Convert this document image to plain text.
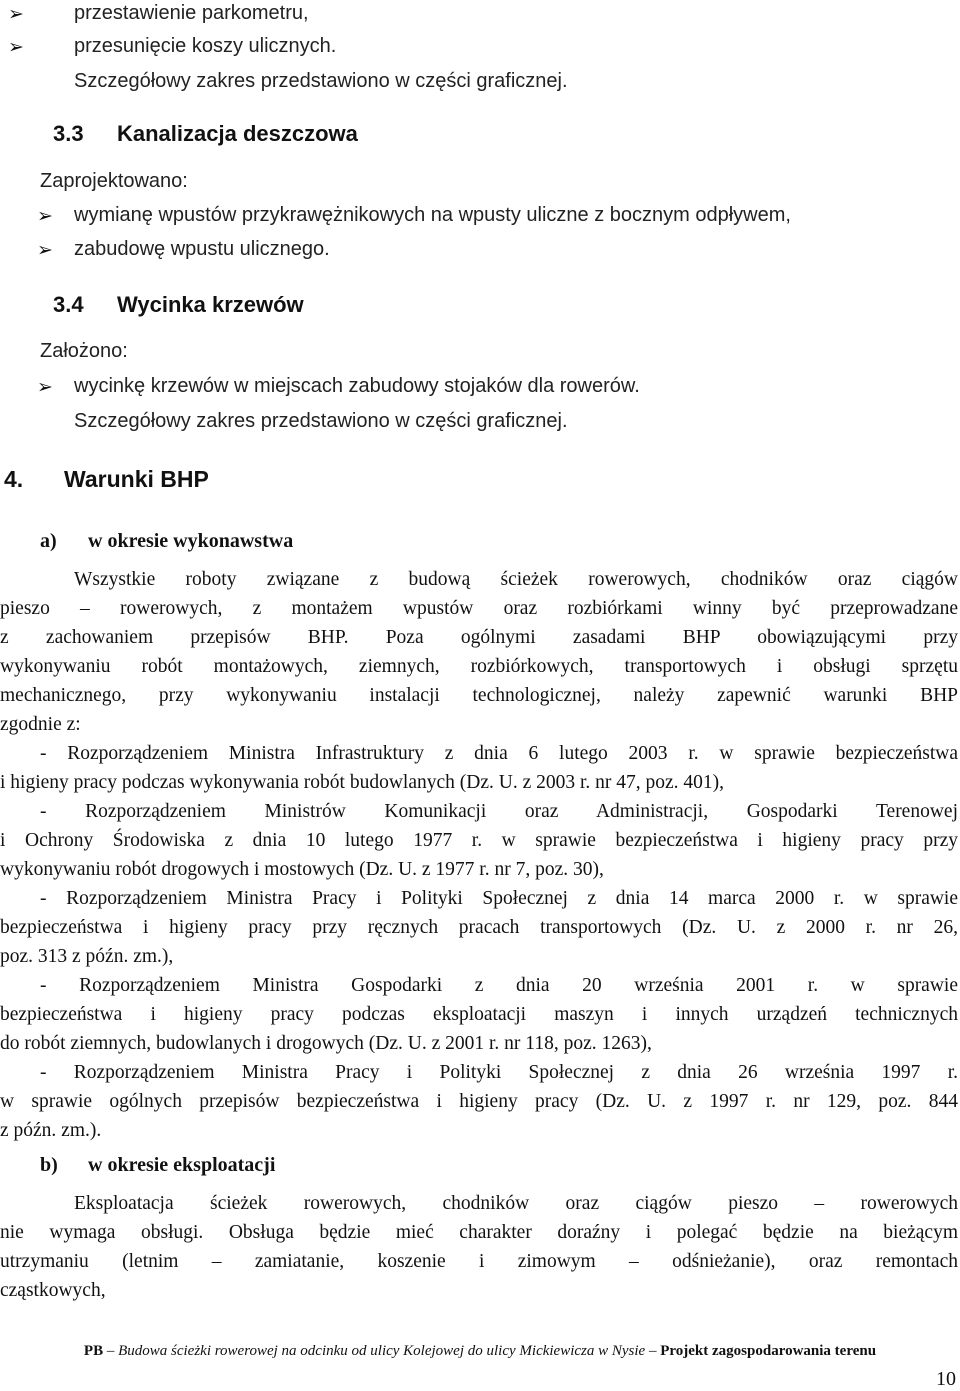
➢	przestawienie parkometru,
➢	przesunięcie koszy ulicznych.
Szczegółowy zakres przedstawiono w części graficznej.
3.3 Kanalizacja deszczowa
Zaprojektowano:
➢ wymianę wpustów przykrawężnikowych na wpusty uliczne z bocznym odpływem,
➢ zabudowę wpustu ulicznego.
3.4 Wycinka krzewów
Założono:
➢ wycinkę krzewów w miejscach zabudowy stojaków dla rowerów.
Szczegółowy zakres przedstawiono w części graficznej.
4. Warunki BHP
a) w okresie wykonawstwa
Wszystkie roboty związane z budową ścieżek rowerowych, chodników oraz ciągów
pieszo – rowerowych, z montażem wpustów oraz rozbiórkami winny być przeprowadzane
z zachowaniem przepisów BHP. Poza ogólnymi zasadami BHP obowiązującymi przy
wykonywaniu robót montażowych, ziemnych, rozbiórkowych, transportowych i obsługi sprzętu
mechanicznego, przy wykonywaniu instalacji technologicznej, należy zapewnić warunki BHP
zgodnie z:
- Rozporządzeniem Ministra Infrastruktury z dnia 6 lutego 2003 r. w sprawie bezpieczeństwa
i higieny pracy podczas wykonywania robót budowlanych (Dz. U. z 2003 r. nr 47, poz. 401),
- Rozporządzeniem Ministrów Komunikacji oraz Administracji, Gospodarki Terenowej
i Ochrony Środowiska z dnia 10 lutego 1977 r. w sprawie bezpieczeństwa i higieny pracy przy
wykonywaniu robót drogowych i mostowych (Dz. U. z 1977 r. nr 7, poz. 30),
- Rozporządzeniem Ministra Pracy i Polityki Społecznej z dnia 14 marca 2000 r. w sprawie
bezpieczeństwa i higieny pracy przy ręcznych pracach transportowych (Dz. U. z 2000 r. nr 26,
poz. 313 z późn. zm.),
- Rozporządzeniem Ministra Gospodarki z dnia 20 września 2001 r. w sprawie
bezpieczeństwa i higieny pracy podczas eksploatacji maszyn i innych urządzeń technicznych
do robót ziemnych, budowlanych i drogowych (Dz. U. z 2001 r. nr 118, poz. 1263),
- Rozporządzeniem Ministra Pracy i Polityki Społecznej z dnia 26 września 1997 r.
w sprawie ogólnych przepisów bezpieczeństwa i higieny pracy (Dz. U. z 1997 r. nr 129, poz. 844
z późn. zm.).
b) w okresie eksploatacji
Eksploatacja ścieżek rowerowych, chodników oraz ciągów pieszo – rowerowych
nie wymaga obsługi. Obsługa będzie mieć charakter doraźny i polegać będzie na bieżącym
utrzymaniu (letnim – zamiatanie, koszenie i zimowym – odśnieżanie), oraz remontach
cząstkowych,
PB – Budowa ścieżki rowerowej na odcinku od ulicy Kolejowej do ulicy Mickiewicza w Nysie – Projekt zagospodarowania terenu
10
